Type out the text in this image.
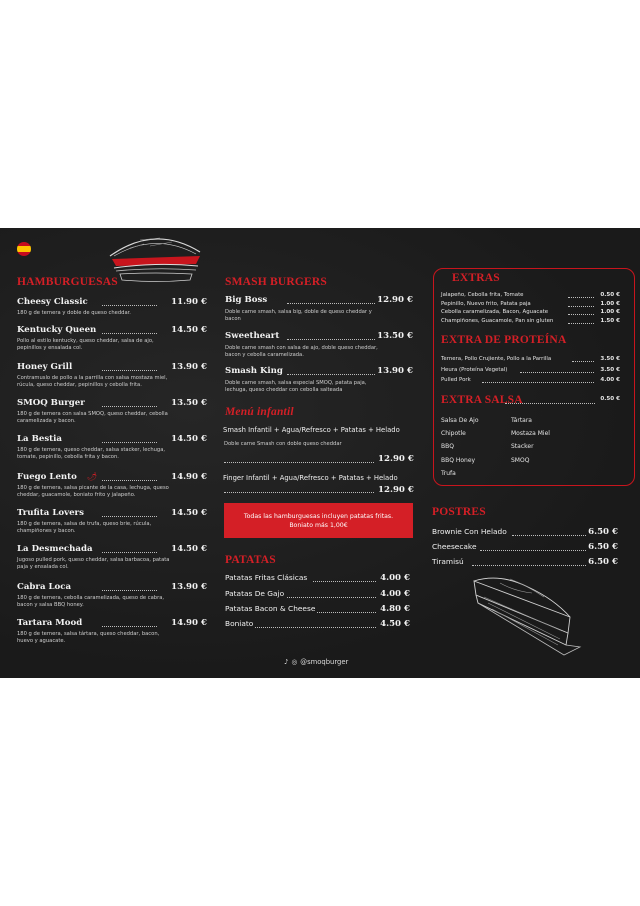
HAMBURGUESAS	SMASH BURGERS
Menú infantil
Smash Infantil + Agua/Refresco + Patatas + Helado
Doble carne Smash con doble queso cheddar
12.90 €
Finger Infantil + Agua/Refresco + Patatas + Helado
12.90 €
Todas las hamburguesas incluyen patatas fritas.
Boniato más 1,00€
PATATAS
EXTRAS
EXTRA DE PROTEÍNA
EXTRA SALSA	0.50 €
POSTRES
♪ ◎ @smoqburger
Cheesy Classic	11.90 €
180 g de ternera y doble de queso cheddar.
Kentucky Queen	14.50 €
Pollo al estilo kentucky, queso cheddar, salsa de ajo, pepinillos y ensalada col.
Honey Grill	13.90 €
Contramuslo de pollo a la parrilla con salsa mostaza miel, rúcula, queso cheddar, pepinillos y cebolla frita.
SMOQ Burger	13.50 €
180 g de ternera con salsa SMOQ, queso cheddar, cebolla caramelizada y bacon.
La Bestia	14.50 €
180 g de ternera, queso cheddar, salsa stacker, lechuga, tomate, pepinillo, cebolla frita y bacon.
Fuego Lento	14.90 €
180 g de ternera, salsa picante de la casa, lechuga, queso cheddar, guacamole, boniato frito y jalapeño.
Trufita Lovers	14.50 €
180 g de ternera, salsa de trufa, queso brie, rúcula, champiñones y bacon.
La Desmechada	14.50 €
Jugoso pulled pork, queso cheddar, salsa barbacoa, patata paja y ensalada col.
Cabra Loca	13.90 €
180 g de ternera, cebolla caramelizada, queso de cabra, bacon y salsa BBQ honey.
Tartara Mood	14.90 €
180 g de ternera, salsa tártara, queso cheddar, bacon, huevo y aguacate.
🌶
Big Boss	12.90 €
Doble carne smash, salsa big, doble de queso cheddar y bacon
Sweetheart	13.50 €
Doble carne smash con salsa de ajo, doble queso cheddar, bacon y cebolla caramelizada.
Smash King	13.90 €
Doble carne smash, salsa especial SMOQ, patata paja, lechuga, queso cheddar con cebolla salteada
Patatas Fritas Clásicas	4.00 €
Patatas De Gajo	4.00 €
Patatas Bacon & Cheese	4.80 €
Boniato	4.50 €
Jalapeño, Cebolla frita, Tomate	0.50 €
Pepinillo, Nuevo frito, Patata paja	1.00 €
Cebolla caramelizada, Bacon, Aguacate	1.00 €
Champiñones, Guacamole, Pan sin gluten	1.50 €
Ternera, Pollo Crujiente, Pollo a la Parrilla	3.50 €
Heura (Proteína Vegetal)	3.50 €
Pulled Pork	4.00 €
Salsa De Ajo
Chipotle
BBQ
BBQ Honey
Trufa
Tártara
Mostaza Miel
Stacker
SMOQ
Brownie Con Helado	6.50 €
Cheesecake	6.50 €
Tiramisú	6.50 €
